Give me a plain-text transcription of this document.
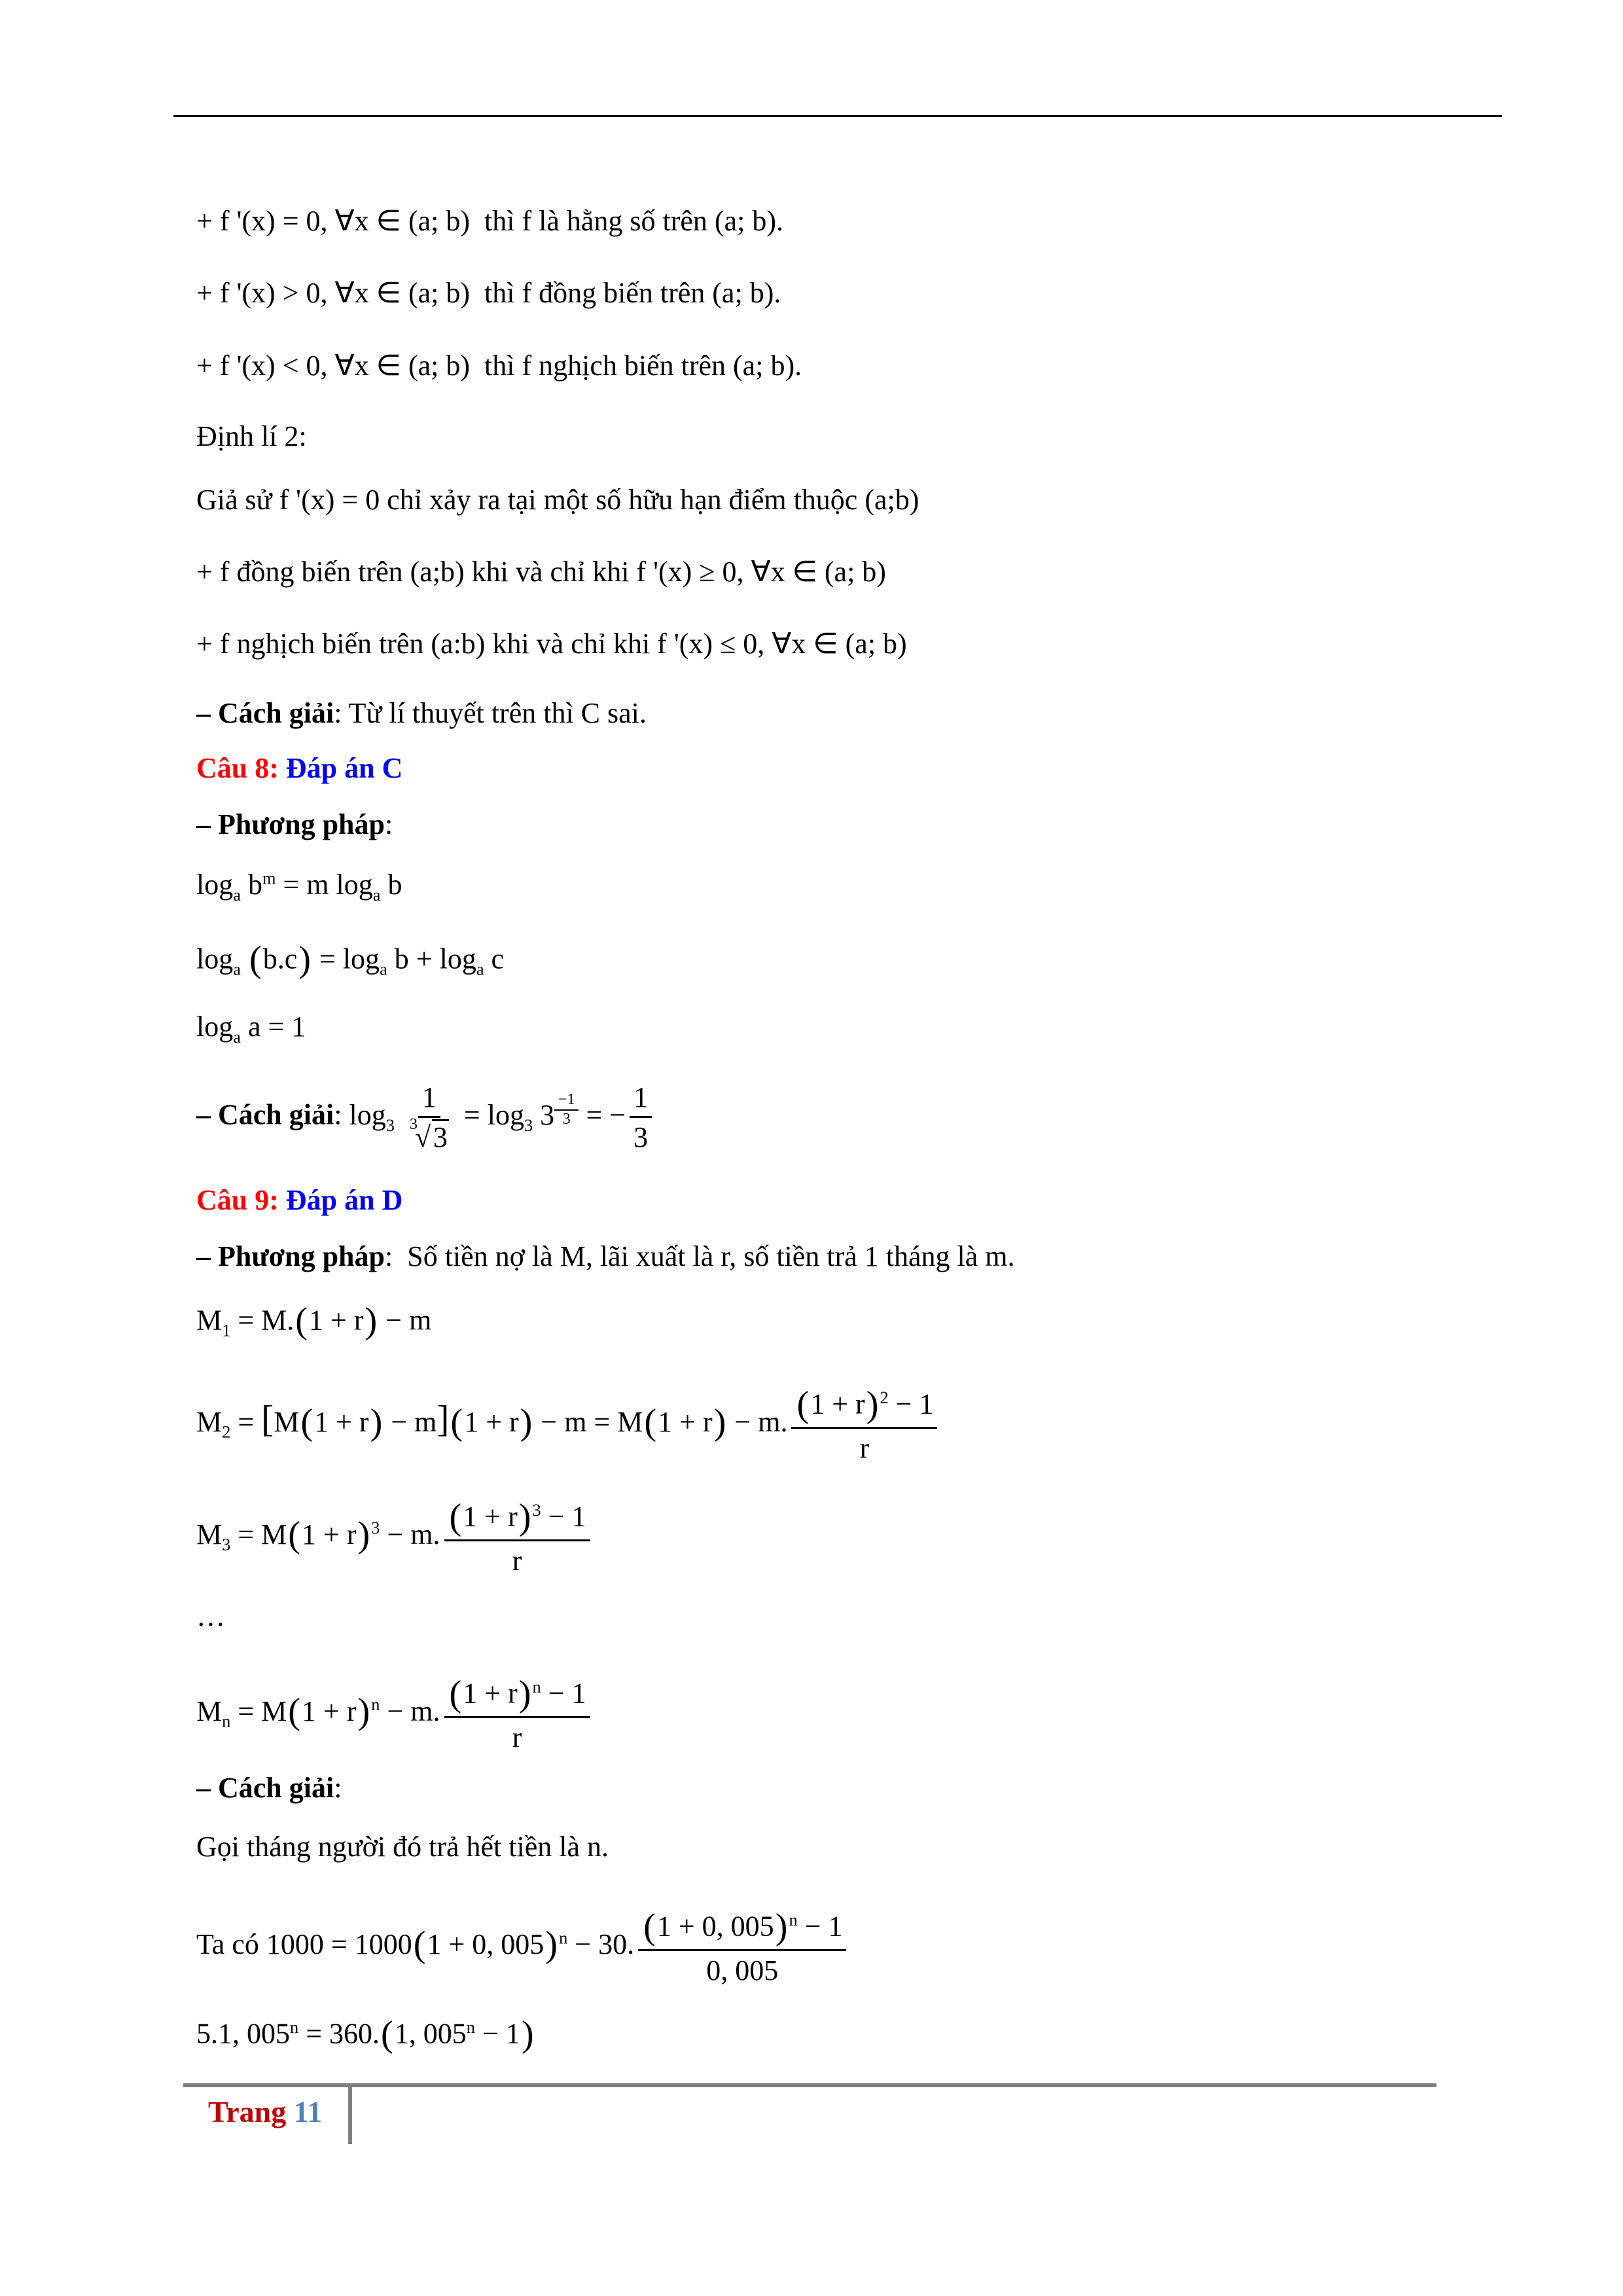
+ f '(x) = 0, ∀x ∈ (a; b) thì f là hằng số trên (a; b).
+ f '(x) > 0, ∀x ∈ (a; b) thì f đồng biến trên (a; b).
+ f '(x) < 0, ∀x ∈ (a; b) thì f nghịch biến trên (a; b).
Định lí 2:
Giả sử f '(x) = 0 chỉ xảy ra tại một số hữu hạn điểm thuộc (a;b)
+ f đồng biến trên (a;b) khi và chỉ khi f '(x) ≥ 0, ∀x ∈ (a; b)
+ f nghịch biến trên (a:b) khi và chỉ khi f '(x) ≤ 0, ∀x ∈ (a; b)
– Cách giải: Từ lí thuyết trên thì C sai.
Câu 8: Đáp án C
– Phương pháp:
$\log_a b^m = m$ $\log_a b$
$\log_a (b.c) = \log_a b + \log_a c$
$\log_a a = 1$
– Cách giải: $\log_3 1$
3
√ $3 = \log_3 3$ $^{\frac{-1}{3}}$ = − $\frac{1}{3}$
Câu 9: Đáp án D
– Phương pháp:  Số tiền nợ là M, lãi xuất là r, số tiền trả 1 tháng là m.
$M_1 = M.(1 + r) - m$
$M_2 = [M(1 + r) - m](1 + r) - m = M(1 + r) - m$. $\frac{(1 + r)^2 - 1}{r}$
$M_3 = M(1 + r)^3 - m$. $\frac{(1 + r)^3 - 1}{r}$
…
$M_n = M(1 + r)^n - m$. $\frac{(1 + r)^n - 1}{r}$
– Cách giải:
Gọi tháng người đó trả hết tiền là n.
Ta có 1000 = 1000(1 + 0, 005)$^n$ − 30. $\frac{(1 + 0, 005)^n - 1}{0, 005}$
5.1, $005^n = 360.(1$, $005^n - 1$)
Trang 11
